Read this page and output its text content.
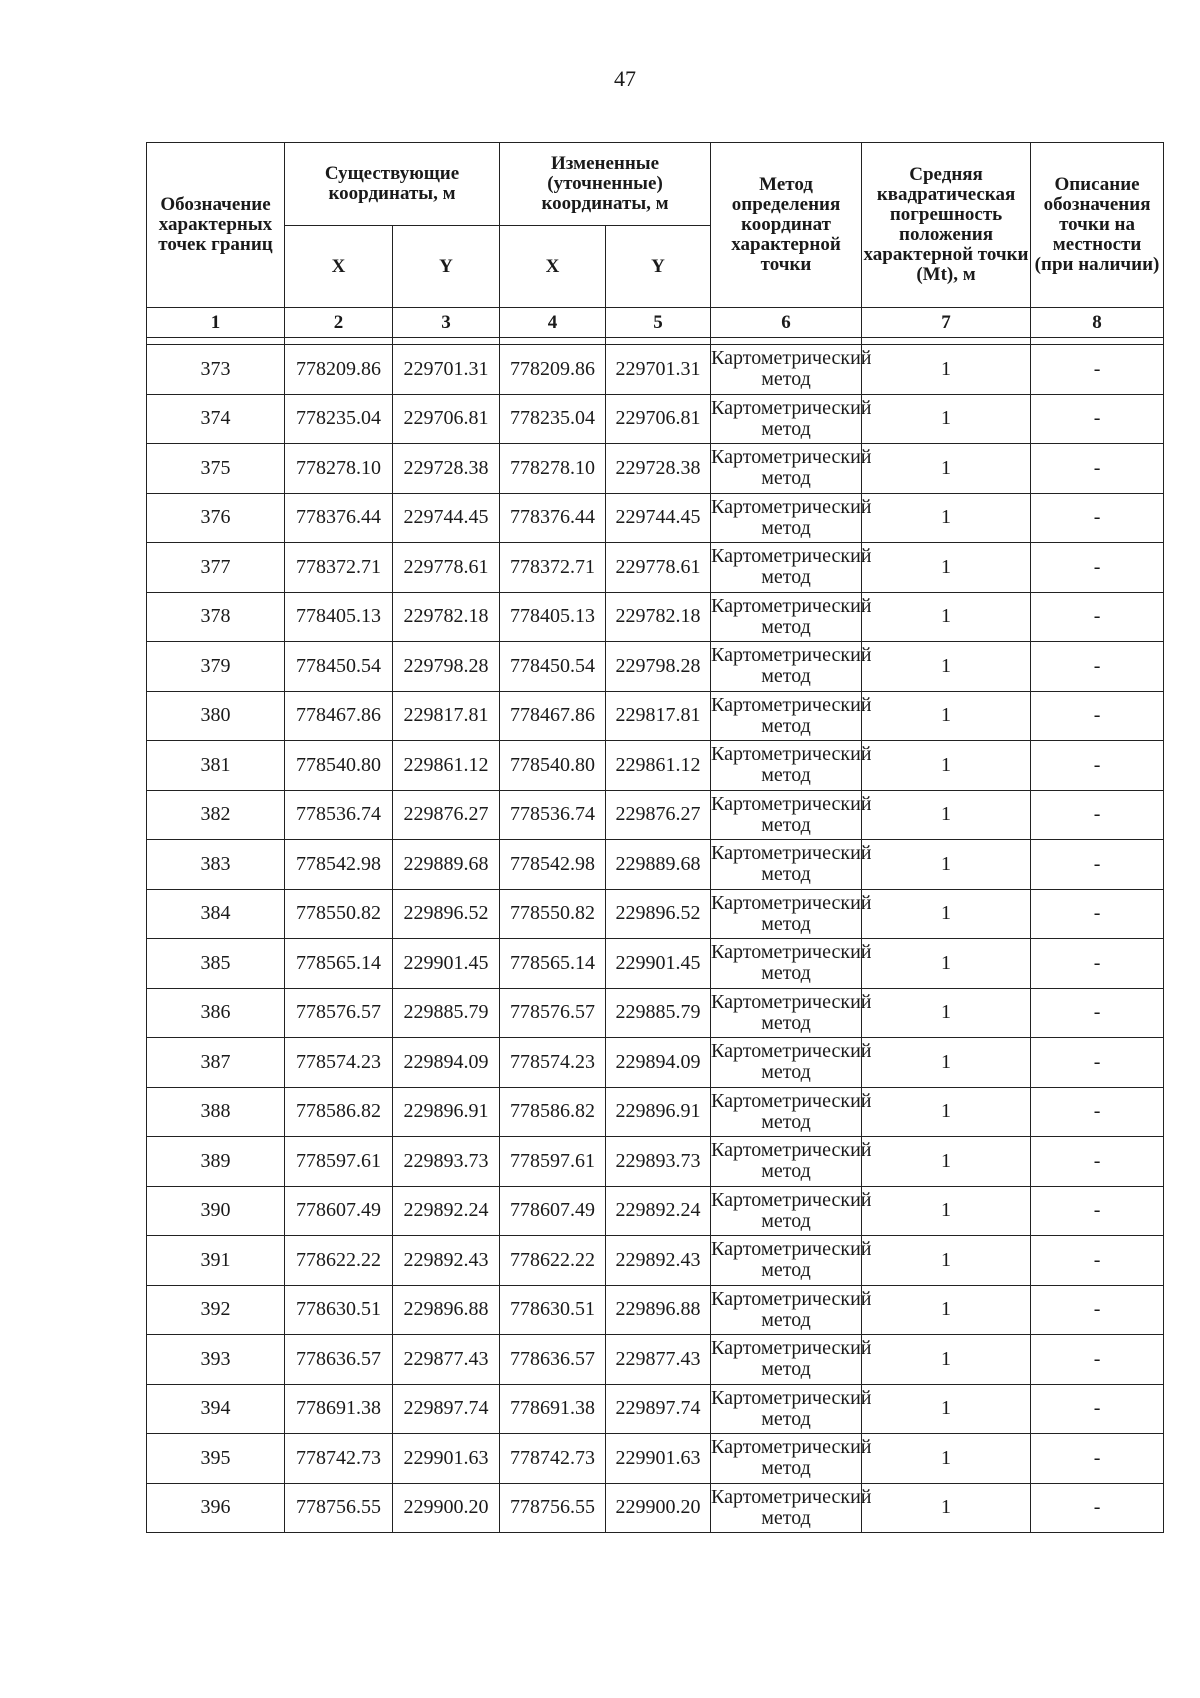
47
Обозначение характерных точек границ	Существующие координаты, м		Измененные (уточненные) координаты, м		Метод определения координат характерной точки	Средняя квадратическая погрешность положения характерной точки (Mt), м	Описание обозначения точки на местности (при наличии)
	X	Y	X	Y			
1	2	3	4	5	6	7	8

373	778209.86	229701.31	778209.86	229701.31	Картометрический метод	1	-
374	778235.04	229706.81	778235.04	229706.81	Картометрический метод	1	-
375	778278.10	229728.38	778278.10	229728.38	Картометрический метод	1	-
376	778376.44	229744.45	778376.44	229744.45	Картометрический метод	1	-
377	778372.71	229778.61	778372.71	229778.61	Картометрический метод	1	-
378	778405.13	229782.18	778405.13	229782.18	Картометрический метод	1	-
379	778450.54	229798.28	778450.54	229798.28	Картометрический метод	1	-
380	778467.86	229817.81	778467.86	229817.81	Картометрический метод	1	-
381	778540.80	229861.12	778540.80	229861.12	Картометрический метод	1	-
382	778536.74	229876.27	778536.74	229876.27	Картометрический метод	1	-
383	778542.98	229889.68	778542.98	229889.68	Картометрический метод	1	-
384	778550.82	229896.52	778550.82	229896.52	Картометрический метод	1	-
385	778565.14	229901.45	778565.14	229901.45	Картометрический метод	1	-
386	778576.57	229885.79	778576.57	229885.79	Картометрический метод	1	-
387	778574.23	229894.09	778574.23	229894.09	Картометрический метод	1	-
388	778586.82	229896.91	778586.82	229896.91	Картометрический метод	1	-
389	778597.61	229893.73	778597.61	229893.73	Картометрический метод	1	-
390	778607.49	229892.24	778607.49	229892.24	Картометрический метод	1	-
391	778622.22	229892.43	778622.22	229892.43	Картометрический метод	1	-
392	778630.51	229896.88	778630.51	229896.88	Картометрический метод	1	-
393	778636.57	229877.43	778636.57	229877.43	Картометрический метод	1	-
394	778691.38	229897.74	778691.38	229897.74	Картометрический метод	1	-
395	778742.73	229901.63	778742.73	229901.63	Картометрический метод	1	-
396	778756.55	229900.20	778756.55	229900.20	Картометрический метод	1	-
